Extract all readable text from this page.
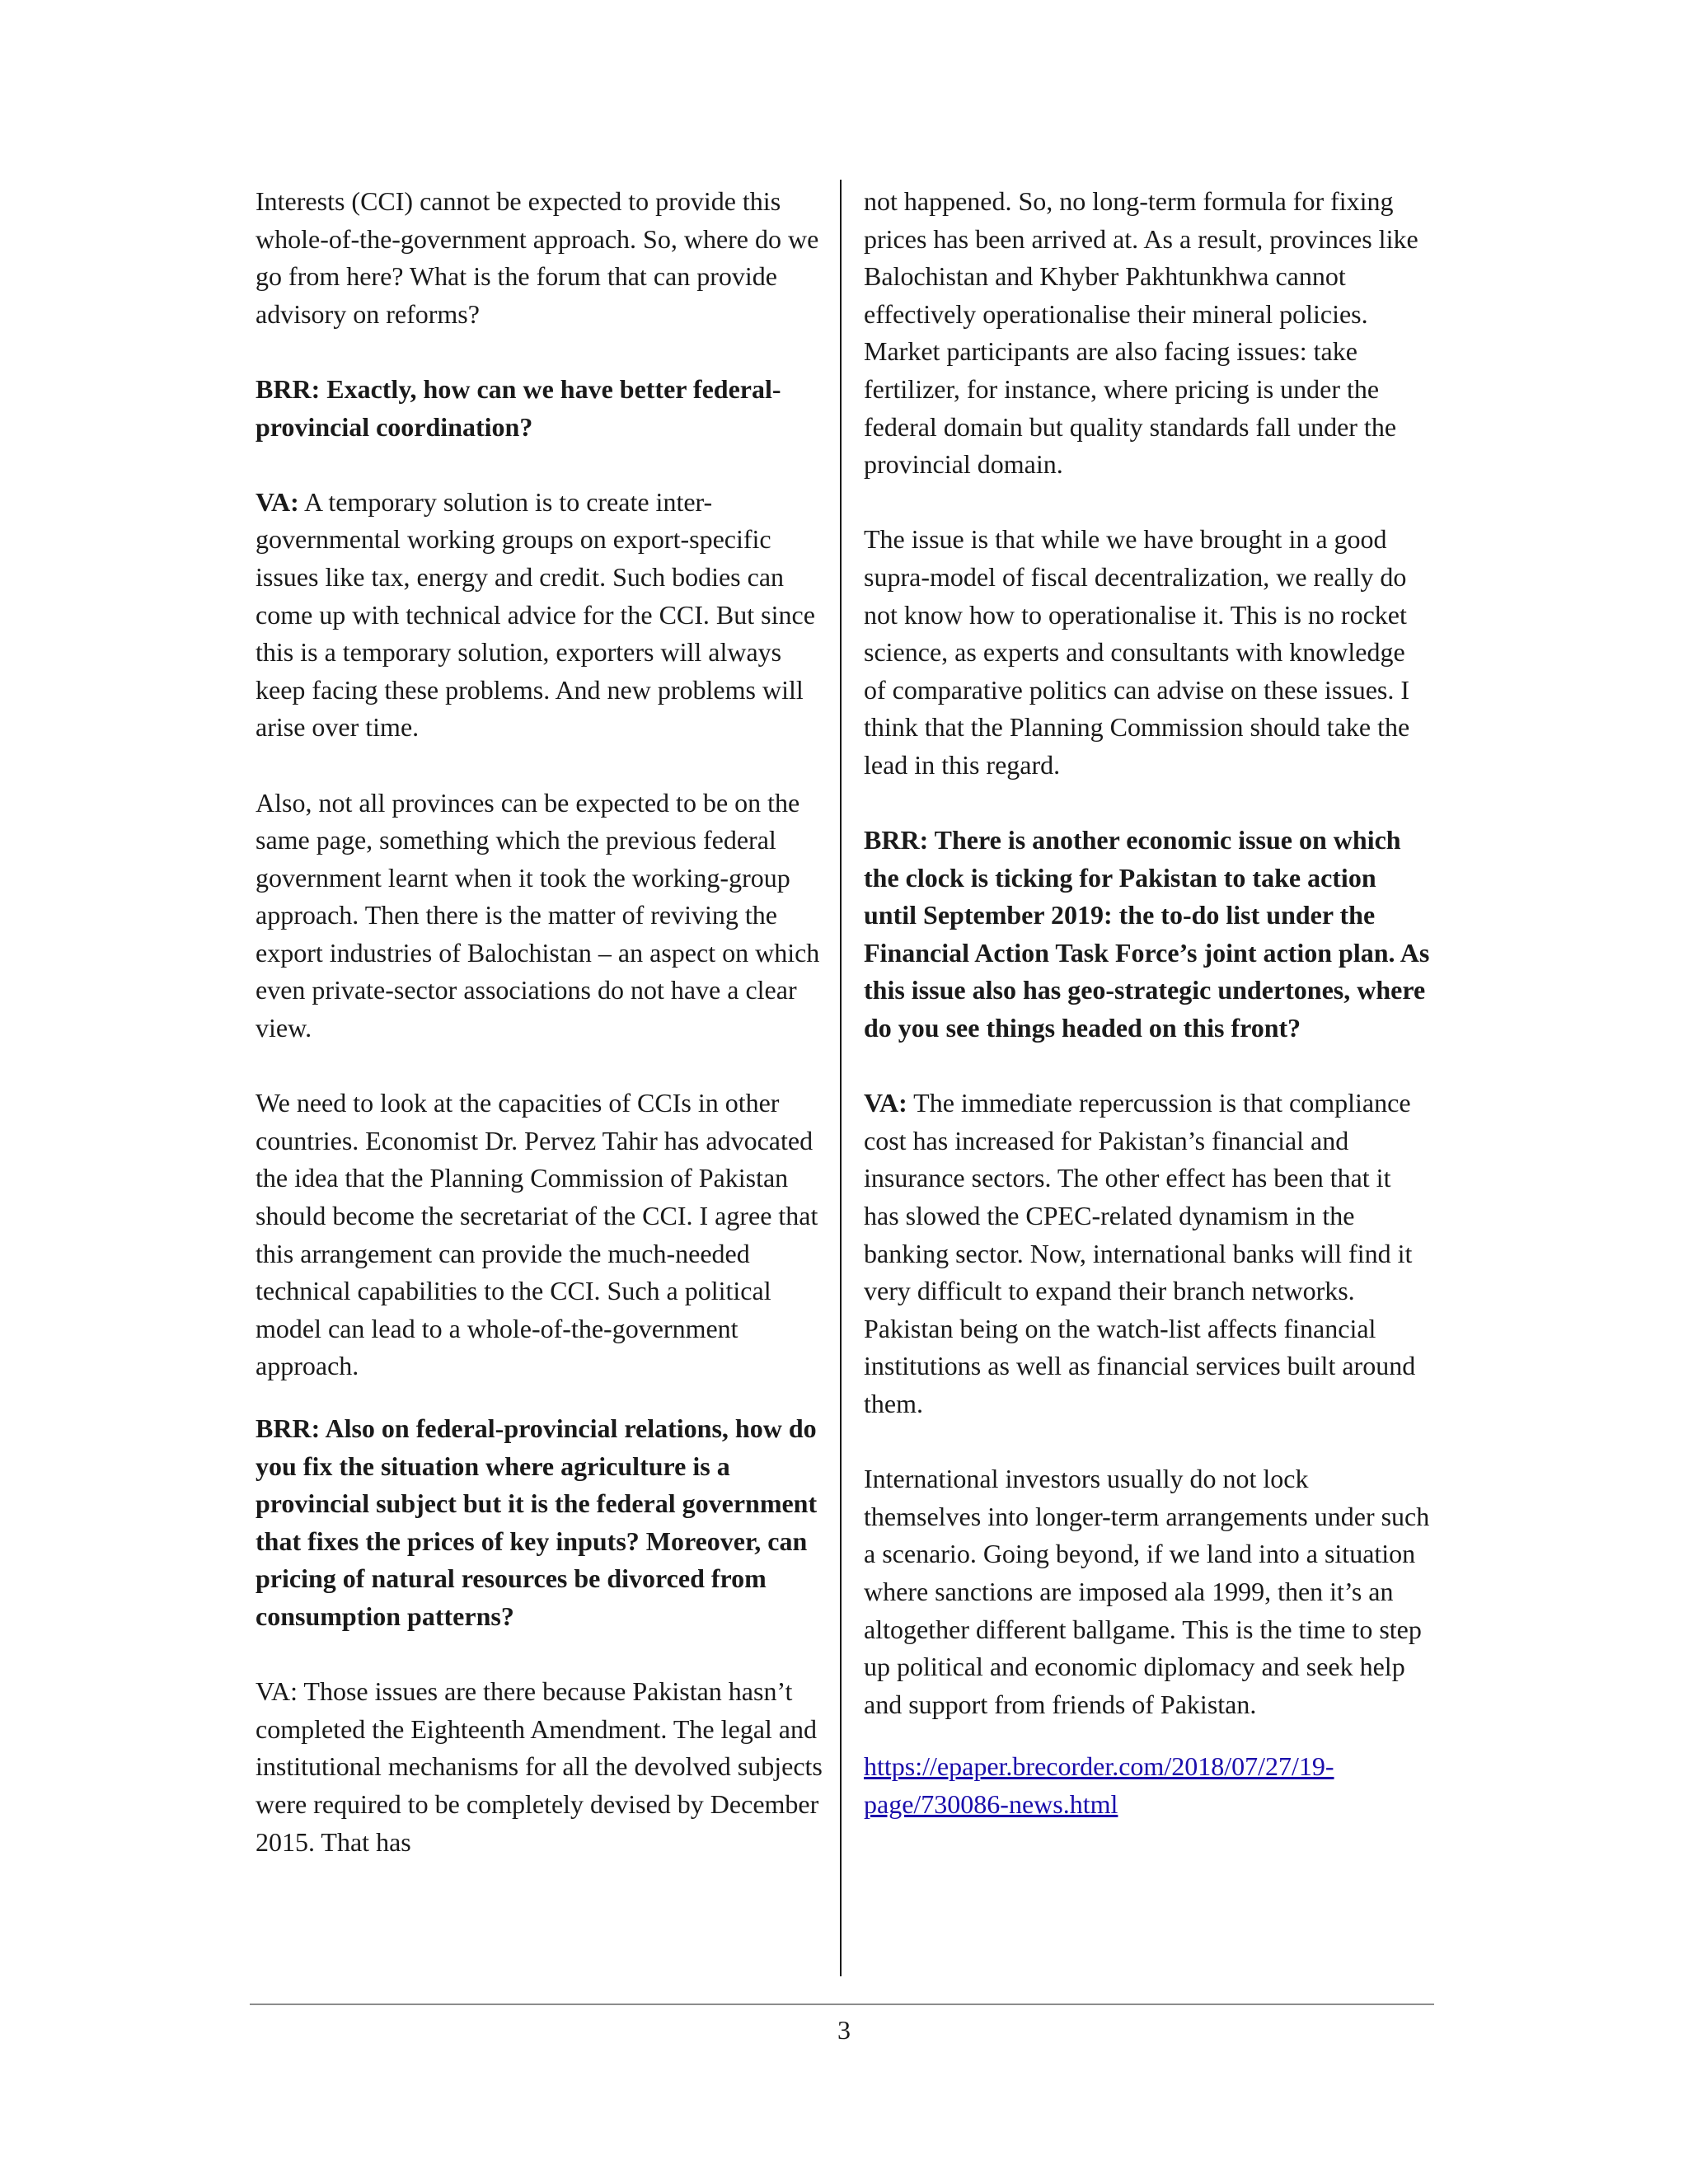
Interests (CCI) cannot be expected to provide this whole-of-the-government approach. So, where do we go from here? What is the forum that can provide advisory on reforms?

BRR: Exactly, how can we have better federal-provincial coordination?

VA: A temporary solution is to create inter-governmental working groups on export-specific issues like tax, energy and credit. Such bodies can come up with technical advice for the CCI. But since this is a temporary solution, exporters will always keep facing these problems. And new problems will arise over time.

Also, not all provinces can be expected to be on the same page, something which the previous federal government learnt when it took the working-group approach. Then there is the matter of reviving the export industries of Balochistan – an aspect on which even private-sector associations do not have a clear view.

We need to look at the capacities of CCIs in other countries. Economist Dr. Pervez Tahir has advocated the idea that the Planning Commission of Pakistan should become the secretariat of the CCI. I agree that this arrangement can provide the much-needed technical capabilities to the CCI. Such a political model can lead to a whole-of-the-government approach.

BRR: Also on federal-provincial relations, how do you fix the situation where agriculture is a provincial subject but it is the federal government that fixes the prices of key inputs? Moreover, can pricing of natural resources be divorced from consumption patterns?

VA: Those issues are there because Pakistan hasn’t completed the Eighteenth Amendment. The legal and institutional mechanisms for all the devolved subjects were required to be completely devised by December 2015. That has

not happened. So, no long-term formula for fixing prices has been arrived at. As a result, provinces like Balochistan and Khyber Pakhtunkhwa cannot effectively operationalise their mineral policies. Market participants are also facing issues: take fertilizer, for instance, where pricing is under the federal domain but quality standards fall under the provincial domain.

The issue is that while we have brought in a good supra-model of fiscal decentralization, we really do not know how to operationalise it. This is no rocket science, as experts and consultants with knowledge of comparative politics can advise on these issues. I think that the Planning Commission should take the lead in this regard.

BRR: There is another economic issue on which the clock is ticking for Pakistan to take action until September 2019: the to-do list under the Financial Action Task Force’s joint action plan. As this issue also has geo-strategic undertones, where do you see things headed on this front?

VA: The immediate repercussion is that compliance cost has increased for Pakistan’s financial and insurance sectors. The other effect has been that it has slowed the CPEC-related dynamism in the banking sector. Now, international banks will find it very difficult to expand their branch networks. Pakistan being on the watch-list affects financial institutions as well as financial services built around them.

International investors usually do not lock themselves into longer-term arrangements under such a scenario. Going beyond, if we land into a situation where sanctions are imposed ala 1999, then it’s an altogether different ballgame. This is the time to step up political and economic diplomacy and seek help and support from friends of Pakistan.

https://epaper.brecorder.com/2018/07/27/19-page/730086-news.html

3
